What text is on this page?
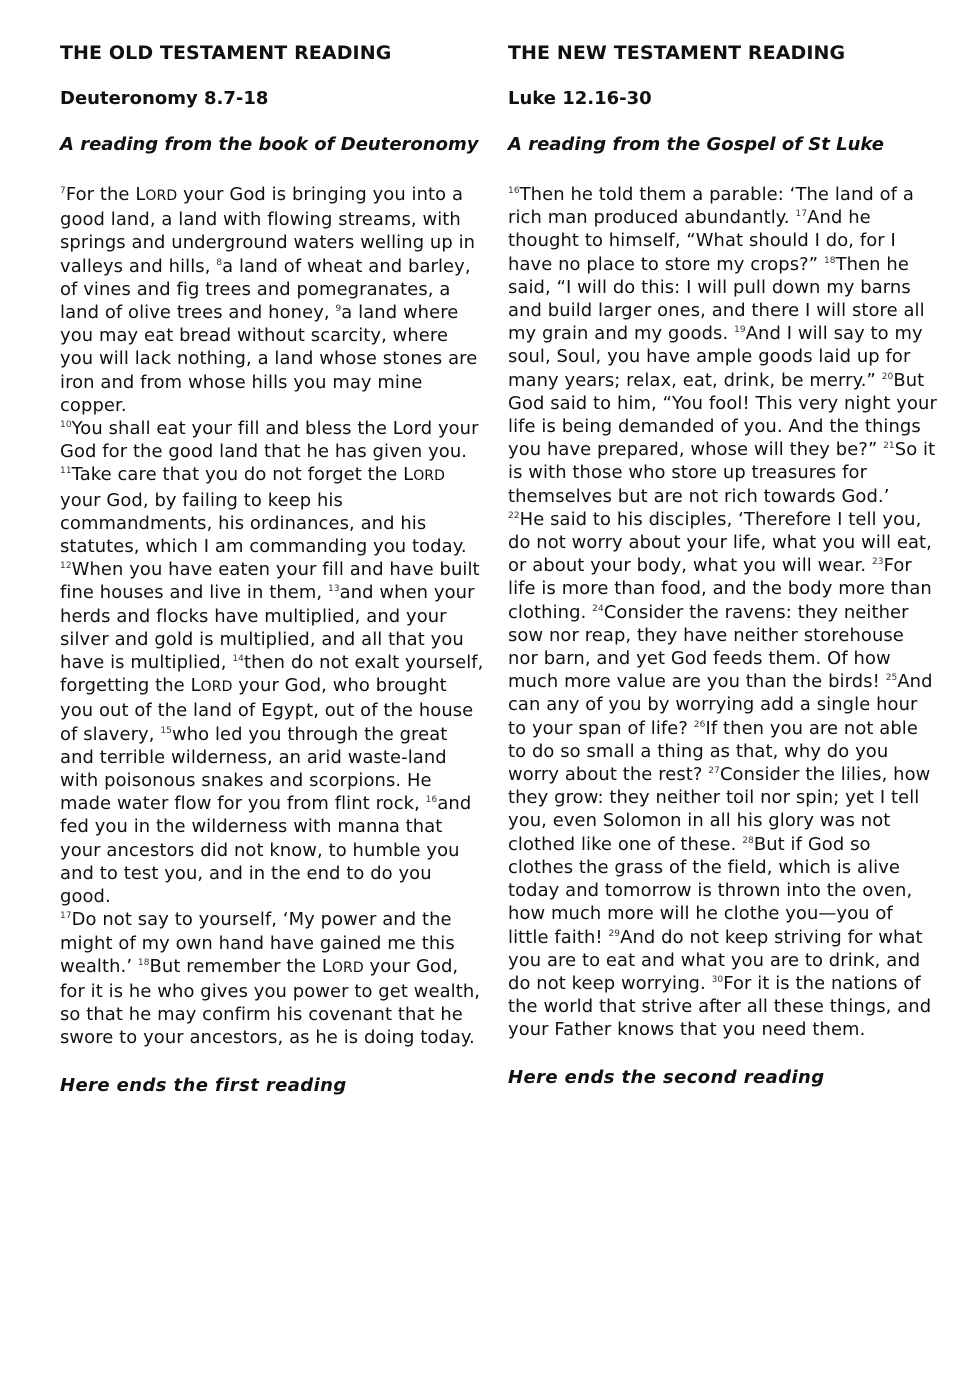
THE OLD TESTAMENT READING
Deuteronomy 8.7-18
A reading from the book of Deuteronomy

$^7$For the LORD your God is bringing you into a good land, a land with flowing streams, with springs and underground waters welling up in valleys and hills, $^8$a land of wheat and barley, of vines and fig trees and pomegranates, a land of olive trees and honey, $^9$a land where you may eat bread without scarcity, where you will lack nothing, a land whose stones are iron and from whose hills you may mine copper.

$^{10}$You shall eat your fill and bless the Lord your God for the good land that he has given you. $^{11}$Take care that you do not forget the LORD your God, by failing to keep his commandments, his ordinances, and his statutes, which I am commanding you today. $^{12}$When you have eaten your fill and have built fine houses and live in them, $^{13}$and when your herds and flocks have multiplied, and your silver and gold is multiplied, and all that you have is multiplied, $^{14}$then do not exalt yourself, forgetting the LORD your God, who brought you out of the land of Egypt, out of the house of slavery, $^{15}$who led you through the great and terrible wilderness, an arid waste-land with poisonous snakes and scorpions. He made water flow for you from flint rock, $^{16}$and fed you in the wilderness with manna that your ancestors did not know, to humble you and to test you, and in the end to do you good.

$^{17}$Do not say to yourself, ‘My power and the might of my own hand have gained me this wealth.’ $^{18}$But remember the LORD your God, for it is he who gives you power to get wealth, so that he may confirm his covenant that he swore to your ancestors, as he is doing today.

Here ends the first reading
THE NEW TESTAMENT READING
Luke 12.16-30
A reading from the Gospel of St Luke

$^{16}$Then he told them a parable: ‘The land of a rich man produced abundantly. $^{17}$And he thought to himself, “What should I do, for I have no place to store my crops?” $^{18}$Then he said, “I will do this: I will pull down my barns and build larger ones, and there I will store all my grain and my goods. $^{19}$And I will say to my soul, Soul, you have ample goods laid up for many years; relax, eat, drink, be merry.” $^{20}$But God said to him, “You fool! This very night your life is being demanded of you. And the things you have prepared, whose will they be?” $^{21}$So it is with those who store up treasures for themselves but are not rich towards God.’

$^{22}$He said to his disciples, ‘Therefore I tell you, do not worry about your life, what you will eat, or about your body, what you will wear. $^{23}$For life is more than food, and the body more than clothing. $^{24}$Consider the ravens: they neither sow nor reap, they have neither storehouse nor barn, and yet God feeds them. Of how much more value are you than the birds! $^{25}$And can any of you by worrying add a single hour to your span of life? $^{26}$If then you are not able to do so small a thing as that, why do you worry about the rest? $^{27}$Consider the lilies, how they grow: they neither toil nor spin; yet I tell you, even Solomon in all his glory was not clothed like one of these. $^{28}$But if God so clothes the grass of the field, which is alive today and tomorrow is thrown into the oven, how much more will he clothe you—you of little faith! $^{29}$And do not keep striving for what you are to eat and what you are to drink, and do not keep worrying. $^{30}$For it is the nations of the world that strive after all these things, and your Father knows that you need them.

Here ends the second reading
